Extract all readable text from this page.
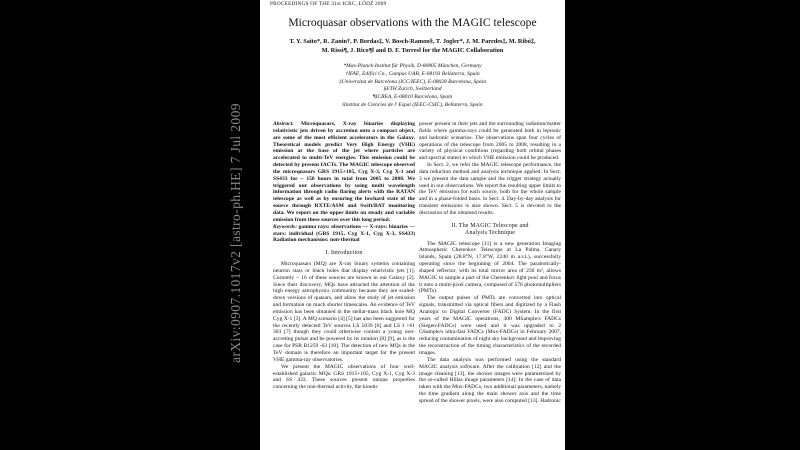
arXiv:0907.1017v2 [astro-ph.HE] 7 Jul 2009
PROCEEDINGS OF THE 31st ICRC, ŁÓDŹ 2009
Microquasar observations with the MAGIC telescope
T. Y. Saito*, R. Zanin†, P. Bordas‡, V. Bosch-Ramon§, T. Jogler*, J. M. Paredes‡, M. Ribó‡,
M. Rissi¶, J. Rico¶‖ and D. F. Torres‖ for the MAGIC Collaboration
*Max-Planck-Institut für Physik, D-80805 München, Germany
†IFAE, Edifici Cn., Campus UAB, E-08193 Bellaterra, Spain
‡Universitat de Barcelona (ICC/IEEC), E-08028 Barcelona, Spain
§ETH Zurich, Switzerland
¶ICREA, E-08010 Barcelona, Spain
‖Institut de Ciencies de l' Espai (IEEC-CSIC), Bellaterra, Spain
Abstract. Microquasars, X-ray binaries displaying relativistic jets driven by accretion onto a compact object, are some of the most efficient accelerators in the Galaxy. Theoretical models predict Very High Energy (VHE) emission at the base of the jet where particles are accelerated to multi-TeV energies. This emission could be detected by present IACTs. The MAGIC telescope observed the microquasars GRS 1915+105, Cyg X-3, Cyg X-1 and SS433 for ~ 150 hours in total from 2005 to 2008. We triggered our observations by using multi wavelength information through radio flaring alerts with the RATAN telescope as well as by ensuring the lowhard state of the source through RXTE/ASM and Swift/BAT monitoring data. We report on the upper limits on steady and variable emission from these sources over this long period.
Keywords: gamma rays: observations — X-rays: binaries — stars: individual (GRS 1915, Cyg X-1, Cyg X-3, SS433) Radiation mechanisms: non-thermal
I. Introduction

Microquasars (MQ) are X-ray binary systems containing neutron stars or black holes that display relativistic jets [1]. Currently ~ 16 of these sources are known in our Galaxy [2]. Since their discovery, MQs have attracted the attention of the high energy astrophysics community because they are scaled-down versions of quasars, and allow the study of jet emission and formation on much shorter timescales. An evidence of TeV emission has been obtained in the stellar-mass black hole MQ Cyg X-1 [3]. A MQ scenario [4] [5] has also been suggested for the recently detected TeV sources LS 5039 [6] and LS I +61 303 [7] though they could otherwise contain a young non-accreting pulsar and be powered by its rotation [8] [9], as is the case for PSR B1259 -63 [10]. The detection of new MQs in the TeV domain is therefore an important target for the present VHE gamma-ray observatories.

We present the MAGIC observations of four well-established galactic MQs: GRS 1915+105, Cyg X-1, Cyg X-3 and SS 433. These sources present unique properties concerning the non-thermal activity, the kinetic

power present in their jets and the surrounding radiation/matter fields where gamma-rays could be generated both in leptonic and hadronic scenarios. The observations span four cycles of operations of the telescope from 2005 to 2008, resulting in a variety of physical conditions (regarding both orbital phases and spectral states) in which VHE emission could be produced.

In Sect. 2, we refer the MAGIC telescope performance, the data reduction method and analysis technique applied. In Sect. 3 we present the data sample and the trigger strategy actually used in our observations. We report the resulting upper limits to the TeV emission for each source, both for the whole sample and in a phase-folded basis. in Sect. 4. Day-by-day analysis for transient emissions is also shown. Sect. 5 is devoted to the discussion of the obtained results.

II. The MAGIC Telescope and
Analysis Technique

The MAGIC telescope [11] is a new generation Imaging Atmospheric Cherenkov Telescope at La Palma, Canary Islands, Spain (28.8°N, 17.8°W, 2240 m a.s.l.), successfully operating since the beginning of 2004. The parabolically-shaped reflector, with its total mirror area of 236 m², allows MAGIC to sample a part of the Cherenkov light pool and focus it onto a multi-pixel camera, composed of 576 photomultipliers (PMTs).

The output pulses of PMTs are converted into optical signals, transmitted via optical fibers and digitized by a Flash Analogic to Digital Converter (FADC) System. In the first years of the MAGIC operations, 300 MSample/s FADCs (Siegen-FADCs) were used and it was upgraded to 2 GSample/s ultra-fast FADCs (Mux-FADCs) in February 2007, reducing contamination of night sky background and improving the reconstruction of the timing characteristics of the recorded images.

The data analysis was performed using the standard MAGIC analysis software. After the calibration [12] and the image cleaning [13], the shower images were parametrized by the so-called Hillas image parameters [14]. In the case of data taken with the Mux-FADCs, two additional parameters, namely the time gradient along the main shower axis and the time spread of the shower pixels, were also computed [13]. Hadronic
